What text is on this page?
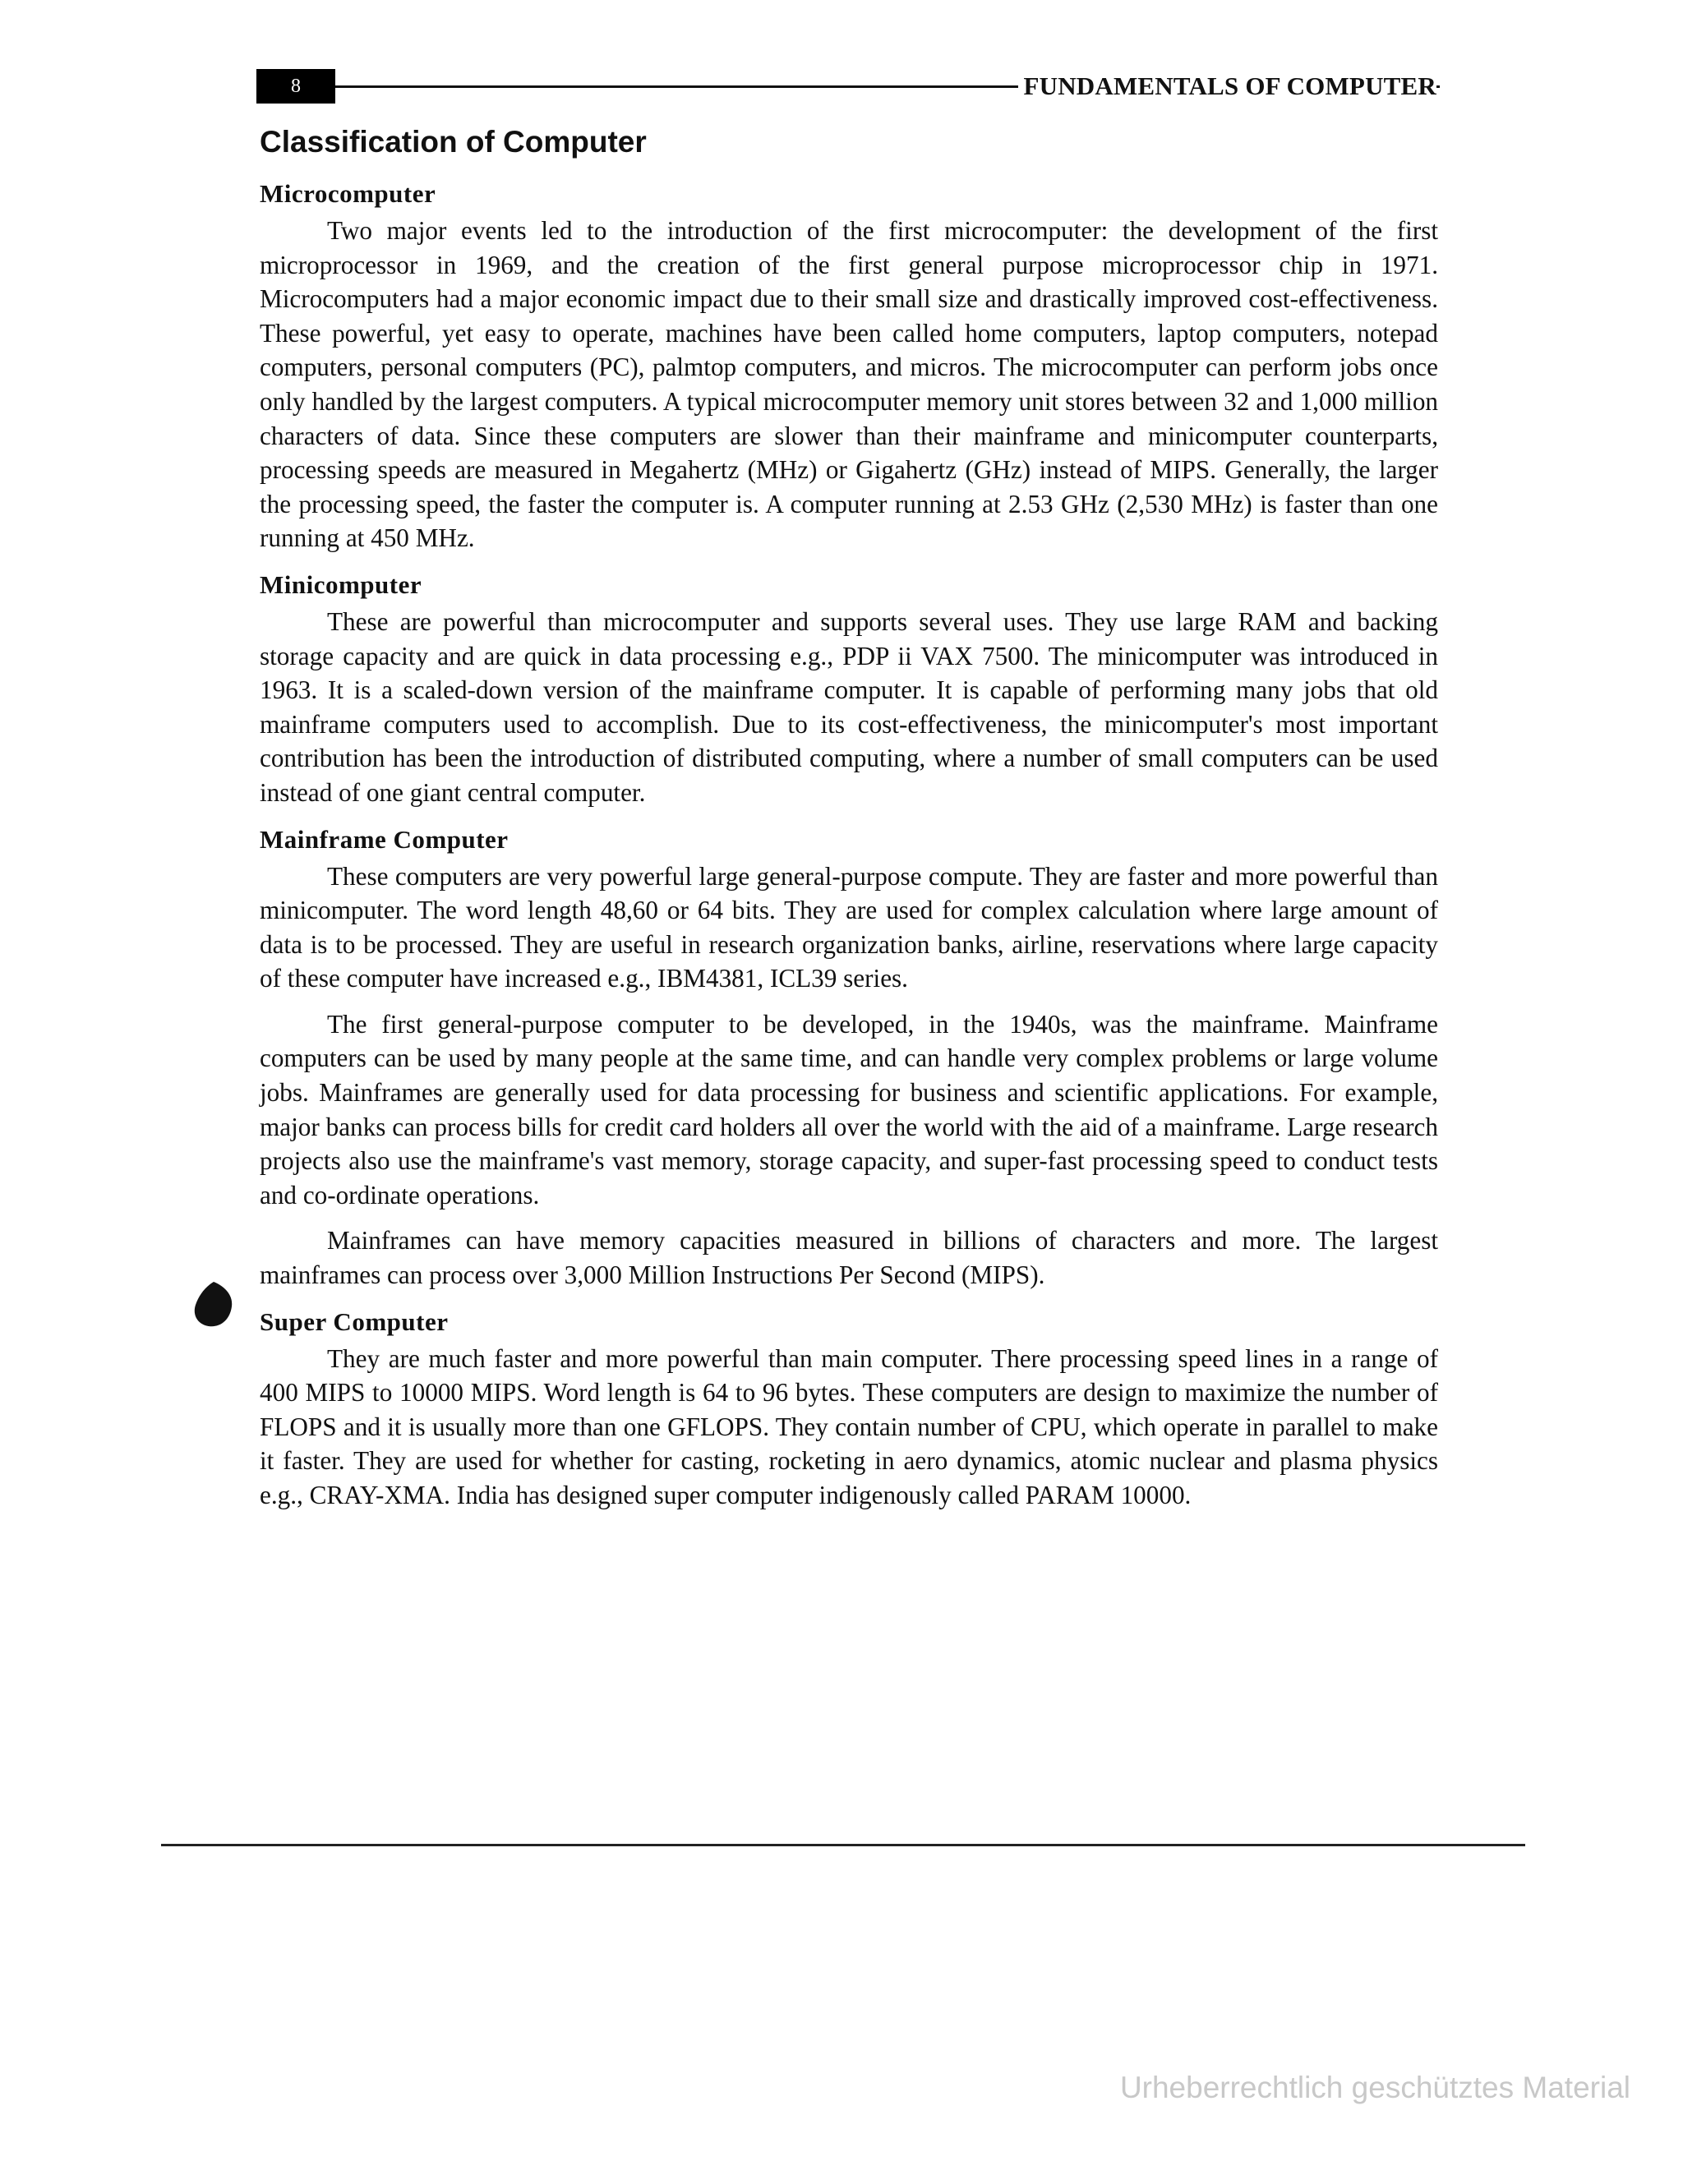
8	FUNDAMENTALS OF COMPUTER
Classification of Computer
Microcomputer

Two major events led to the introduction of the first microcomputer: the development of the first microprocessor in 1969, and the creation of the first general purpose microprocessor chip in 1971. Microcomputers had a major economic impact due to their small size and drastically improved cost-effectiveness. These powerful, yet easy to operate, machines have been called home computers, laptop computers, notepad computers, personal computers (PC), palmtop computers, and micros. The microcomputer can perform jobs once only handled by the largest computers. A typical microcomputer memory unit stores between 32 and 1,000 million characters of data. Since these computers are slower than their mainframe and minicomputer counterparts, processing speeds are measured in Megahertz (MHz) or Gigahertz (GHz) instead of MIPS. Generally, the larger the processing speed, the faster the computer is. A computer running at 2.53 GHz (2,530 MHz) is faster than one running at 450 MHz.

Minicomputer

These are powerful than microcomputer and supports several uses. They use large RAM and backing storage capacity and are quick in data processing e.g., PDP ii VAX 7500. The minicomputer was introduced in 1963. It is a scaled-down version of the mainframe computer. It is capable of performing many jobs that old mainframe computers used to accomplish. Due to its cost-effectiveness, the minicomputer's most important contribution has been the introduction of distributed computing, where a number of small computers can be used instead of one giant central computer.

Mainframe Computer

These computers are very powerful large general-purpose compute. They are faster and more powerful than minicomputer. The word length 48,60 or 64 bits. They are used for complex calculation where large amount of data is to be processed. They are useful in research organization banks, airline, reservations where large capacity of these computer have increased e.g., IBM4381, ICL39 series.

The first general-purpose computer to be developed, in the 1940s, was the mainframe. Mainframe computers can be used by many people at the same time, and can handle very complex problems or large volume jobs. Mainframes are generally used for data processing for business and scientific applications. For example, major banks can process bills for credit card holders all over the world with the aid of a mainframe. Large research projects also use the mainframe's vast memory, storage capacity, and super-fast processing speed to conduct tests and co-ordinate operations.

Mainframes can have memory capacities measured in billions of characters and more. The largest mainframes can process over 3,000 Million Instructions Per Second (MIPS).

Super Computer

They are much faster and more powerful than main computer. There processing speed lines in a range of 400 MIPS to 10000 MIPS. Word length is 64 to 96 bytes. These computers are design to maximize the number of FLOPS and it is usually more than one GFLOPS. They contain number of CPU, which operate in parallel to make it faster. They are used for whether for casting, rocketing in aero dynamics, atomic nuclear and plasma physics e.g., CRAY-XMA. India has designed super computer indigenously called PARAM 10000.

Urheberrechtlich geschütztes Material
